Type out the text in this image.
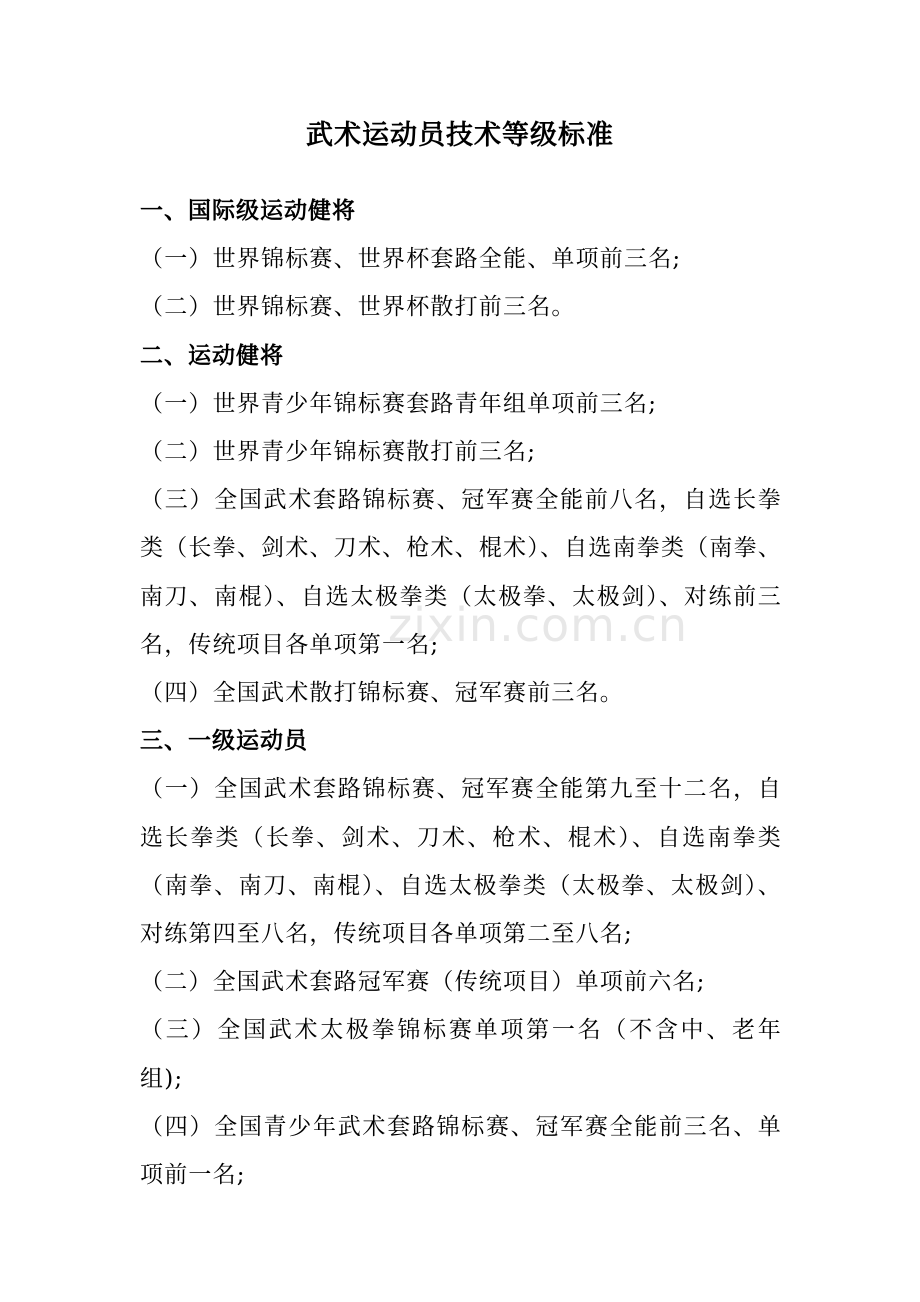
武术运动员技术等级标准

一、国际级运动健将

（一）世界锦标赛、世界杯套路全能、单项前三名;

（二）世界锦标赛、世界杯散打前三名。

二、运动健将

（一）世界青少年锦标赛套路青年组单项前三名;

（二）世界青少年锦标赛散打前三名;

（三）全国武术套路锦标赛、冠军赛全能前八名，自选长拳类（长拳、剑术、刀术、枪术、棍术）、自选南拳类（南拳、南刀、南棍）、自选太极拳类（太极拳、太极剑）、对练前三名，传统项目各单项第一名;

（四）全国武术散打锦标赛、冠军赛前三名。

三、一级运动员

（一）全国武术套路锦标赛、冠军赛全能第九至十二名，自选长拳类（长拳、剑术、刀术、枪术、棍术）、自选南拳类（南拳、南刀、南棍）、自选太极拳类（太极拳、太极剑）、对练第四至八名，传统项目各单项第二至八名;

（二）全国武术套路冠军赛（传统项目）单项前六名;

（三）全国武术太极拳锦标赛单项第一名（不含中、老年组);

（四）全国青少年武术套路锦标赛、冠军赛全能前三名、单项前一名;

zixin.com.cn
